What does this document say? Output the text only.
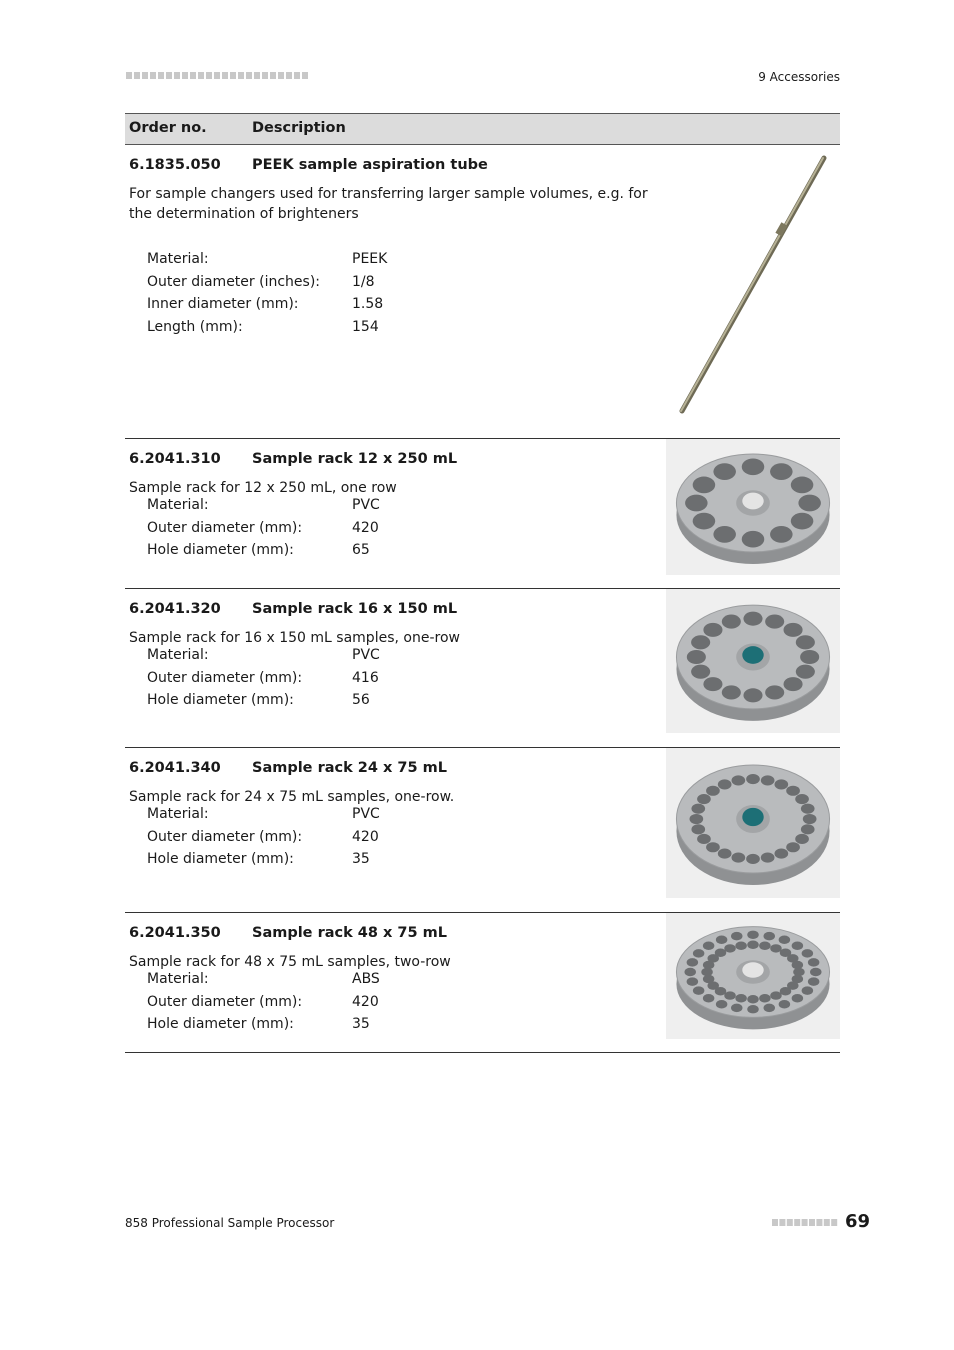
9 Accessories
Order no.	Description
6.1835.050 PEEK sample aspiration tube
For sample changers used for transferring larger sample volumes, e.g. for the determination of brighteners
Material:	PEEK
Outer diameter (inches): 1/8
Inner diameter (mm):	1.58
Length (mm):	154
6.2041.310 Sample rack 12 x 250 mL
Sample rack for 12 x 250 mL, one row
Material:	PVC
Outer diameter (mm):	420
Hole diameter (mm):	65
6.2041.320 Sample rack 16 x 150 mL
Sample rack for 16 x 150 mL samples, one-row
Material:	PVC
Outer diameter (mm):	416
Hole diameter (mm):	56
6.2041.340 Sample rack 24 x 75 mL
Sample rack for 24 x 75 mL samples, one-row.
Material:	PVC
Outer diameter (mm):	420
Hole diameter (mm):	35
6.2041.350 Sample rack 48 x 75 mL
Sample rack for 48 x 75 mL samples, two-row
Material:	ABS
Outer diameter (mm):	420
Hole diameter (mm):	35
858 Professional Sample Processor	69
